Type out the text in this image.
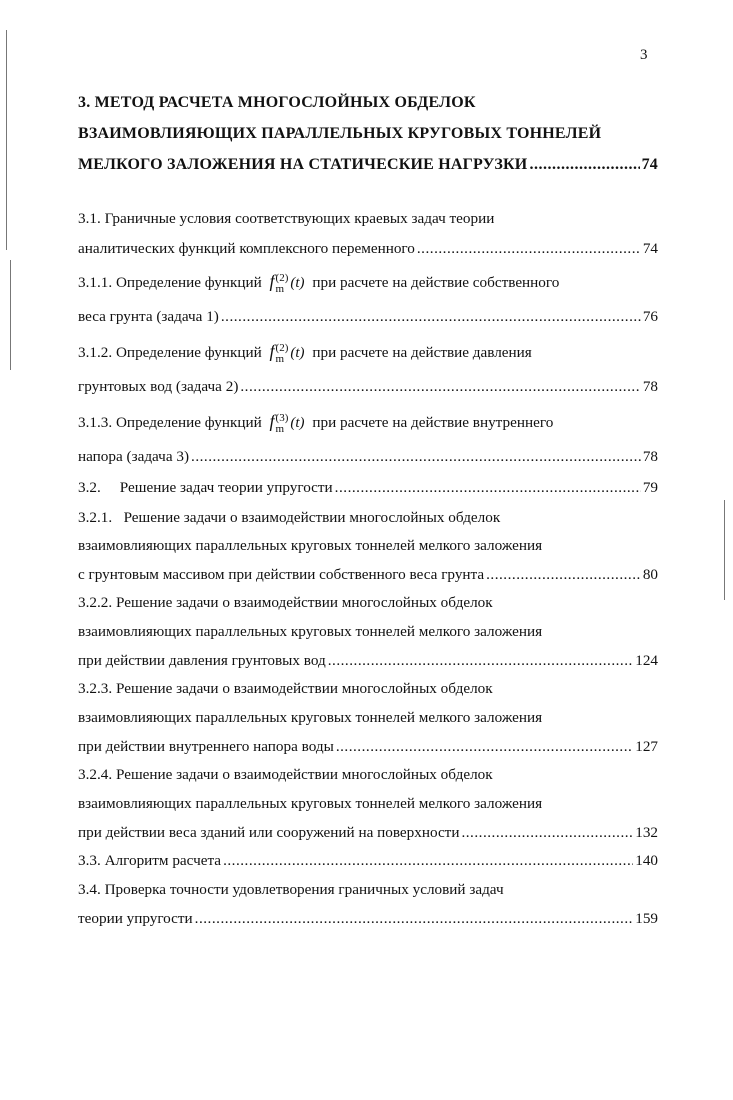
3
3. МЕТОД РАСЧЕТА МНОГОСЛОЙНЫХ ОБДЕЛОК
ВЗАИМОВЛИЯЮЩИХ ПАРАЛЛЕЛЬНЫХ КРУГОВЫХ ТОННЕЛЕЙ
МЕЛКОГО ЗАЛОЖЕНИЯ НА СТАТИЧЕСКИЕ НАГРУЗКИ .....	74
3.1. Граничные условия соответствующих краевых задач теории
аналитических функций комплексного переменного .....	74
3.1.1. Определение функций f(2)
m (t) при расчете на действие собственного
веса грунта (задача 1) .....	76
3.1.2. Определение функций f(2)
m (t) при расчете на действие давления
грунтовых вод (задача 2) .....	78
3.1.3. Определение функций f(3)
m (t) при расчете на действие внутреннего
напора (задача 3) .....	78
3.2.     Решение задач теории упругости .....	79
3.2.1.   Решение задачи о взаимодействии многослойных обделок
взаимовлияющих параллельных круговых тоннелей мелкого заложения
с грунтовым массивом при действии собственного веса грунта .....	80
3.2.2. Решение задачи о взаимодействии многослойных обделок
взаимовлияющих параллельных круговых тоннелей мелкого заложения
при действии давления грунтовых вод .....	124
3.2.3. Решение задачи о взаимодействии многослойных обделок
взаимовлияющих параллельных круговых тоннелей мелкого заложения
при действии внутреннего напора воды .....	127
3.2.4. Решение задачи о взаимодействии многослойных обделок
взаимовлияющих параллельных круговых тоннелей мелкого заложения
при действии веса зданий или сооружений на поверхности .....	132
3.3. Алгоритм расчета .....	140
3.4. Проверка точности удовлетворения граничных условий задач
теории упругости .....	159
